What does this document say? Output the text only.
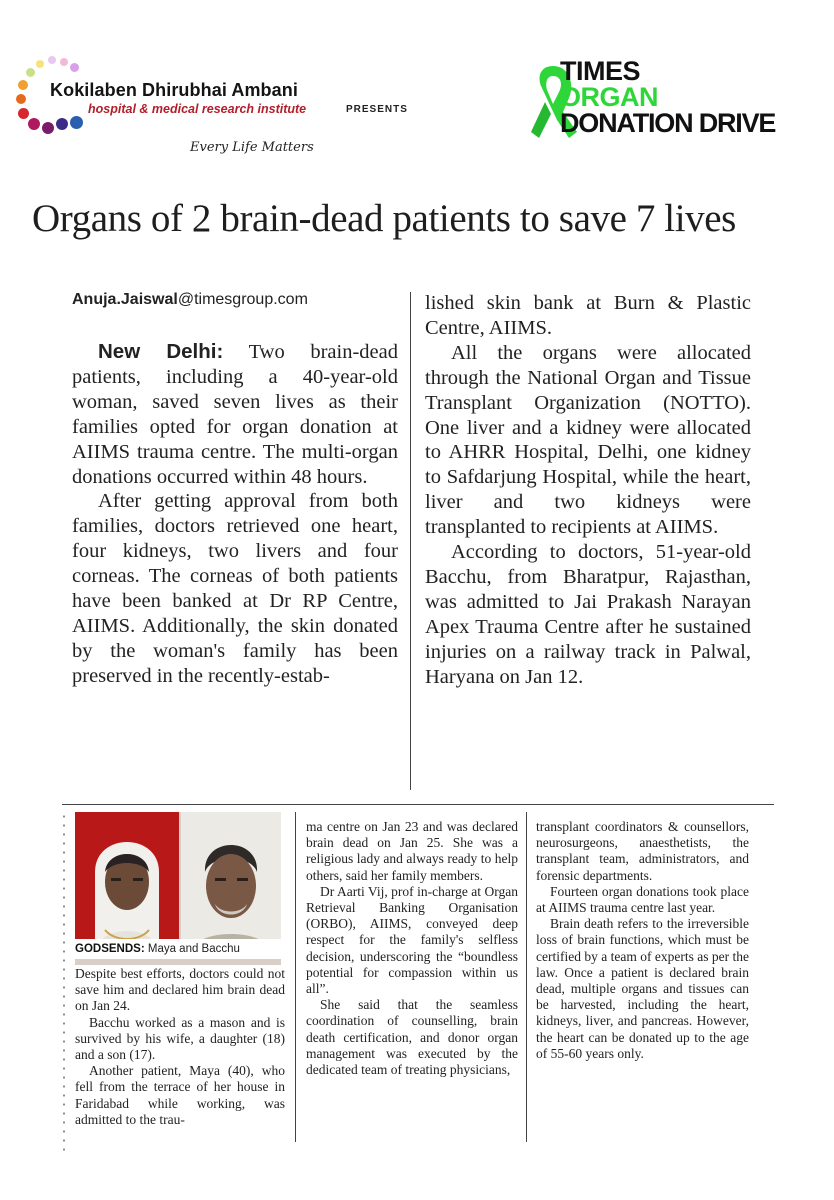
Kokilaben Dhirubhai Ambani
hospital & medical research institute	PRESENTS
Every Life Matters
TIMES
ORGAN
DONATION DRIVE
Organs of 2 brain-dead patients to save 7 lives
Anuja.Jaiswal@timesgroup.com

New Delhi: Two brain-dead patients, including a 40-year-old woman, saved seven lives as their families opted for organ donation at AIIMS trauma centre. The multi-organ donations occurred within 48 hours.

After getting approval from both families, doctors retrieved one heart, four kidneys, two livers and four corneas. The corneas of both patients have been banked at Dr RP Centre, AIIMS. Additionally, the skin donated by the woman's family has been preserved in the recently-estab-

lished skin bank at Burn & Plastic Centre, AIIMS.

All the organs were allocated through the National Organ and Tissue Transplant Organization (NOTTO). One liver and a kidney were allocated to AHRR Hospital, Delhi, one kidney to Safdarjung Hospital, while the heart, liver and two kidneys were transplanted to recipients at AIIMS.

According to doctors, 51-year-old Bacchu, from Bharatpur, Rajasthan, was admitted to Jai Prakash Narayan Apex Trauma Centre after he sustained injuries on a railway track in Palwal, Haryana on Jan 12.

GODSENDS: Maya and Bacchu

Despite best efforts, doctors could not save him and declared him brain dead on Jan 24.

Bacchu worked as a mason and is survived by his wife, a daughter (18) and a son (17).

Another patient, Maya (40), who fell from the terrace of her house in Faridabad while working, was admitted to the trau-

ma centre on Jan 23 and was declared brain dead on Jan 25. She was a religious lady and always ready to help others, said her family members.

Dr Aarti Vij, prof in-charge at Organ Retrieval Banking Organisation (ORBO), AIIMS, conveyed deep respect for the family's selfless decision, underscoring the “boundless potential for compassion within us all”.

She said that the seamless coordination of counselling, brain death certification, and donor organ management was executed by the dedicated team of treating physicians,

transplant coordinators & counsellors, neurosurgeons, anaesthetists, the transplant team, administrators, and forensic departments.

Fourteen organ donations took place at AIIMS trauma centre last year.

Brain death refers to the irreversible loss of brain functions, which must be certified by a team of experts as per the law. Once a patient is declared brain dead, multiple organs and tissues can be harvested, including the heart, kidneys, liver, and pancreas. However, the heart can be donated up to the age of 55-60 years only.
